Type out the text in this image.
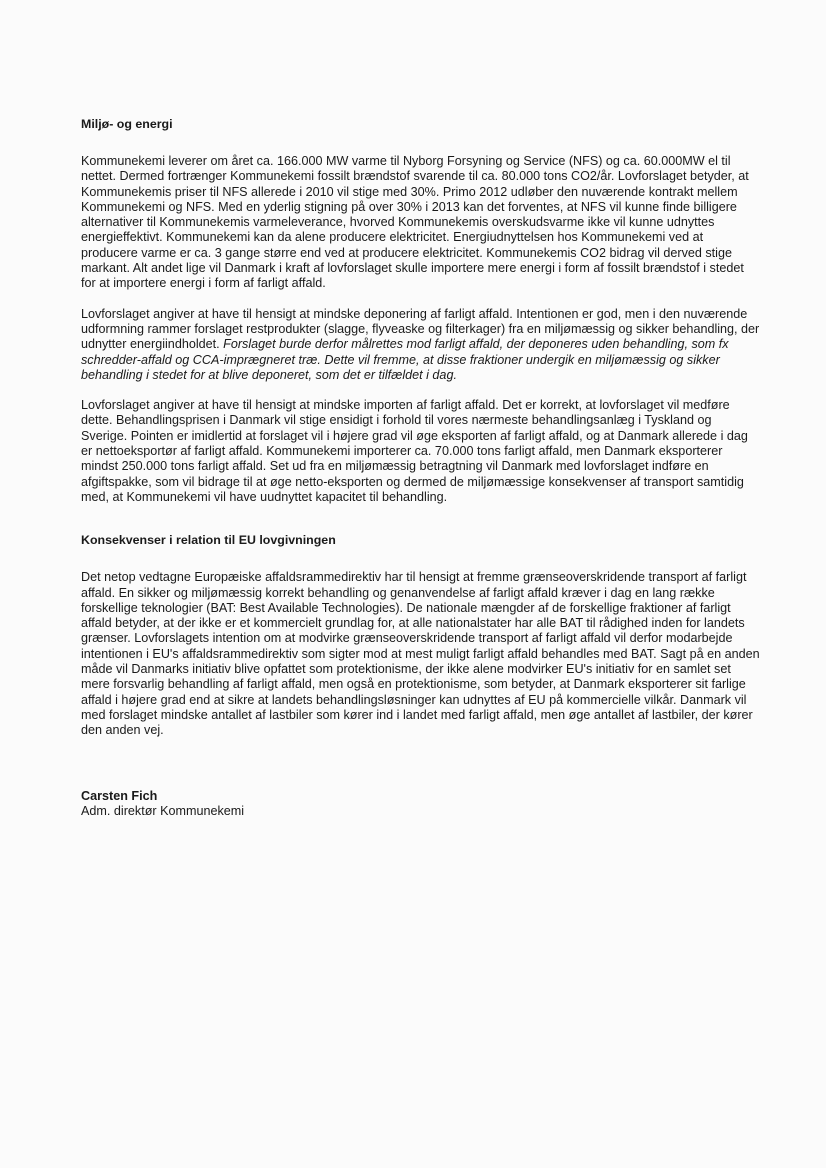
Miljø- og energi

Kommunekemi leverer om året ca. 166.000 MW varme til Nyborg Forsyning og Service (NFS) og ca. 60.000MW el til nettet. Dermed fortrænger Kommunekemi fossilt brændstof svarende til ca. 80.000 tons CO2/år. Lovforslaget betyder, at Kommunekemis priser til NFS allerede i 2010 vil stige med 30%. Primo 2012 udløber den nuværende kontrakt mellem Kommunekemi og NFS. Med en yderlig stigning på over 30% i 2013 kan det forventes, at NFS vil kunne finde billigere alternativer til Kommunekemis varmeleverance, hvorved Kommunekemis overskudsvarme ikke vil kunne udnyttes energieffektivt. Kommunekemi kan da alene producere elektricitet. Energiudnyttelsen hos Kommunekemi ved at producere varme er ca. 3 gange større end ved at producere elektricitet. Kommunekemis CO2 bidrag vil derved stige markant. Alt andet lige vil Danmark i kraft af lovforslaget skulle importere mere energi i form af fossilt brændstof i stedet for at importere energi i form af farligt affald.

Lovforslaget angiver at have til hensigt at mindske deponering af farligt affald. Intentionen er god, men i den nuværende udformning rammer forslaget restprodukter (slagge, flyveaske og filterkager) fra en miljømæssig og sikker behandling, der udnytter energiindholdet. Forslaget burde derfor målrettes mod farligt affald, der deponeres uden behandling, som fx schredder-affald og CCA-imprægneret træ. Dette vil fremme, at disse fraktioner undergik en miljømæssig og sikker behandling i stedet for at blive deponeret, som det er tilfældet i dag.

Lovforslaget angiver at have til hensigt at mindske importen af farligt affald. Det er korrekt, at lovforslaget vil medføre dette. Behandlingsprisen i Danmark vil stige ensidigt i forhold til vores nærmeste behandlingsanlæg i Tyskland og Sverige. Pointen er imidlertid at forslaget vil i højere grad vil øge eksporten af farligt affald, og at Danmark allerede i dag er nettoeksportør af farligt affald. Kommunekemi importerer ca. 70.000 tons farligt affald, men Danmark eksporterer mindst 250.000 tons farligt affald. Set ud fra en miljømæssig betragtning vil Danmark med lovforslaget indføre en afgiftspakke, som vil bidrage til at øge netto-eksporten og dermed de miljømæssige konsekvenser af transport samtidig med, at Kommunekemi vil have uudnyttet kapacitet til behandling.

Konsekvenser i relation til EU lovgivningen

Det netop vedtagne Europæiske affaldsrammedirektiv har til hensigt at fremme grænseoverskridende transport af farligt affald. En sikker og miljømæssig korrekt behandling og genanvendelse af farligt affald kræver i dag en lang række forskellige teknologier (BAT: Best Available Technologies). De nationale mængder af de forskellige fraktioner af farligt affald betyder, at der ikke er et kommercielt grundlag for, at alle nationalstater har alle BAT til rådighed inden for landets grænser. Lovforslagets intention om at modvirke grænseoverskridende transport af farligt affald vil derfor modarbejde intentionen i EU's affaldsrammedirektiv som sigter mod at mest muligt farligt affald behandles med BAT. Sagt på en anden måde vil Danmarks initiativ blive opfattet som protektionisme, der ikke alene modvirker EU's initiativ for en samlet set mere forsvarlig behandling af farligt affald, men også en protektionisme, som betyder, at Danmark eksporterer sit farlige affald i højere grad end at sikre at landets behandlingsløsninger kan udnyttes af EU på kommercielle vilkår. Danmark vil med forslaget mindske antallet af lastbiler som kører ind i landet med farligt affald, men øge antallet af lastbiler, der kører den anden vej.

Carsten Fich

Adm. direktør Kommunekemi
